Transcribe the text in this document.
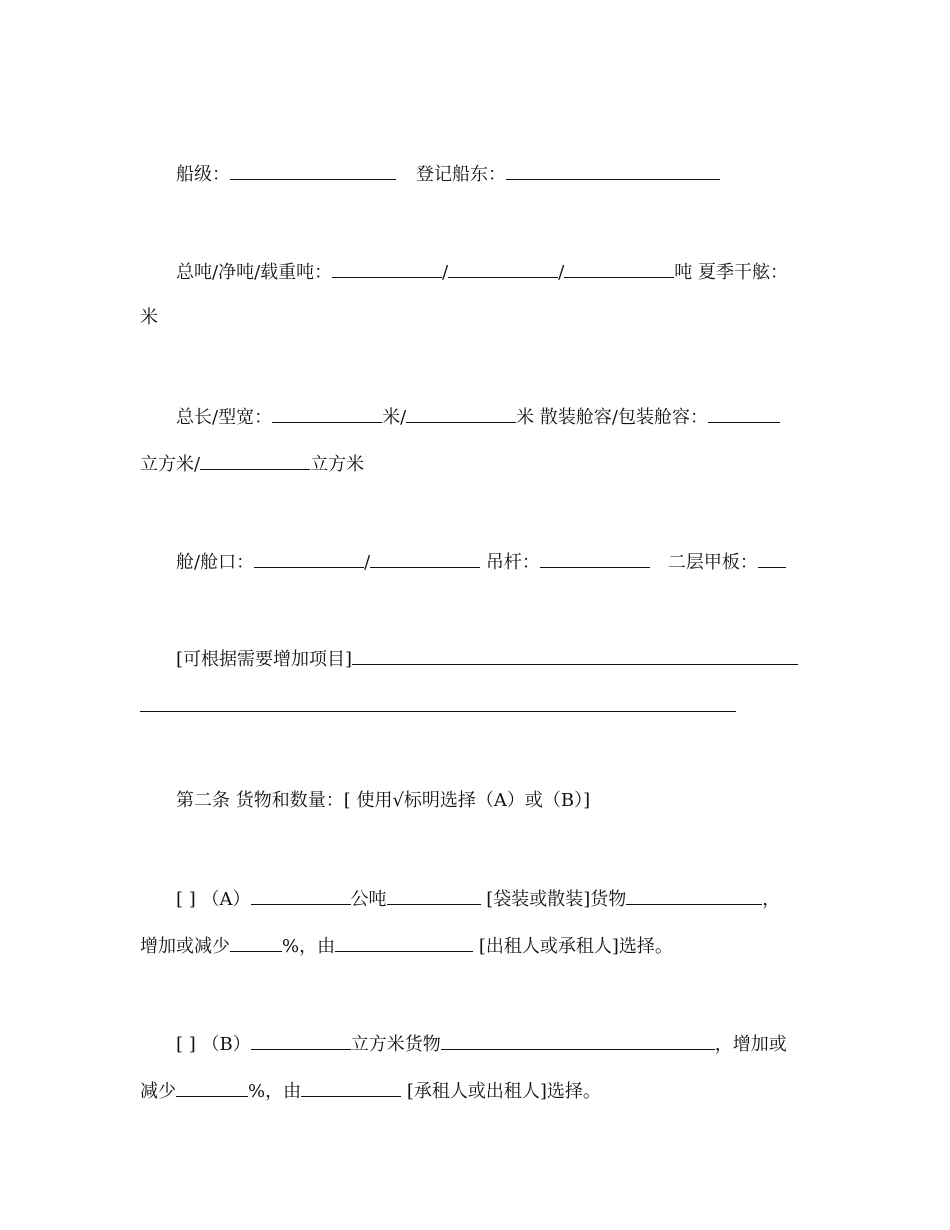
船级：	登记船东：
总吨/净吨/载重吨：	/	/	吨 夏季干舷：
米
总长/型宽：	米/	米 散装舱容/包装舱容：
立方米/	立方米
舱/舱口：	/	吊杆：	二层甲板：
[可根据需要增加项目]
第二条 货物和数量：[ 使用√标明选择（A）或（B）]
[ ] （A）	公吨	[袋装或散装]货物	，
增加或减少	%，由	[出租人或承租人]选择。
[ ] （B）	立方米货物	，增加或
减少	%，由	[承租人或出租人]选择。
